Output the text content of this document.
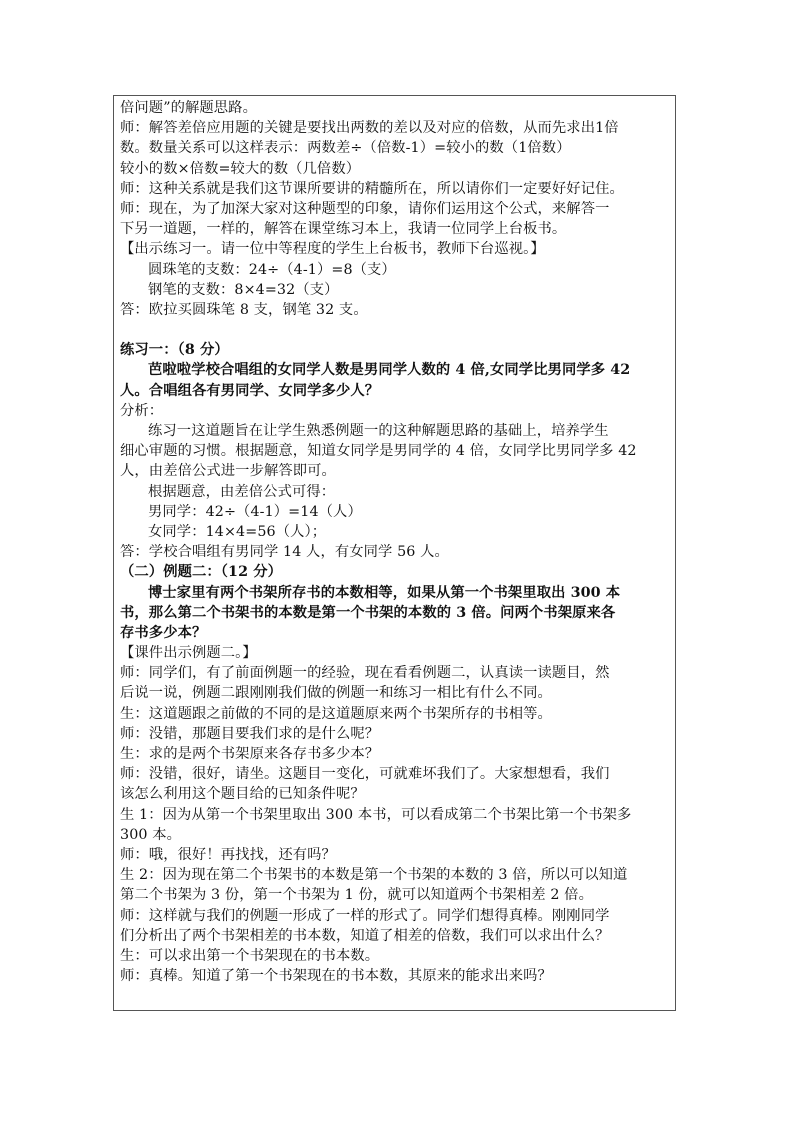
倍问题”的解题思路。
师：解答差倍应用题的关键是要找出两数的差以及对应的倍数，从而先求出1倍
数。数量关系可以这样表示：两数差÷（倍数-1）=较小的数（1倍数）
较小的数×倍数=较大的数（几倍数）
师：这种关系就是我们这节课所要讲的精髓所在，所以请你们一定要好好记住。
师：现在，为了加深大家对这种题型的印象，请你们运用这个公式，来解答一
下另一道题，一样的，解答在课堂练习本上，我请一位同学上台板书。
【出示练习一。请一位中等程度的学生上台板书，教师下台巡视。】
圆珠笔的支数：24÷（4-1）=8（支）
钢笔的支数：8×4=32（支）
答：欧拉买圆珠笔 8 支，钢笔 32 支。
练习一：（8 分）
芭啦啦学校合唱组的女同学人数是男同学人数的 4 倍,女同学比男同学多 42
人。合唱组各有男同学、女同学多少人？
分析：
练习一这道题旨在让学生熟悉例题一的这种解题思路的基础上，培养学生
细心审题的习惯。根据题意，知道女同学是男同学的 4 倍，女同学比男同学多 42
人，由差倍公式进一步解答即可。
根据题意，由差倍公式可得：
男同学：42÷（4-1）=14（人）
女同学：14×4=56（人）；
答：学校合唱组有男同学 14 人，有女同学 56 人。
（二）例题二：（12 分）
博士家里有两个书架所存书的本数相等，如果从第一个书架里取出 300 本
书，那么第二个书架书的本数是第一个书架的本数的 3 倍。问两个书架原来各
存书多少本？
【课件出示例题二。】
师：同学们，有了前面例题一的经验，现在看看例题二，认真读一读题目，然
后说一说，例题二跟刚刚我们做的例题一和练习一相比有什么不同。
生：这道题跟之前做的不同的是这道题原来两个书架所存的书相等。
师：没错，那题目要我们求的是什么呢？
生：求的是两个书架原来各存书多少本？
师：没错，很好，请坐。这题目一变化，可就难坏我们了。大家想想看，我们
该怎么利用这个题目给的已知条件呢？
生 1：因为从第一个书架里取出 300 本书，可以看成第二个书架比第一个书架多
300 本。
师：哦，很好！再找找，还有吗？
生 2：因为现在第二个书架书的本数是第一个书架的本数的 3 倍，所以可以知道
第二个书架为 3 份，第一个书架为 1 份，就可以知道两个书架相差 2 倍。
师：这样就与我们的例题一形成了一样的形式了。同学们想得真棒。刚刚同学
们分析出了两个书架相差的书本数，知道了相差的倍数，我们可以求出什么？
生：可以求出第一个书架现在的书本数。
师：真棒。知道了第一个书架现在的书本数，其原来的能求出来吗？
